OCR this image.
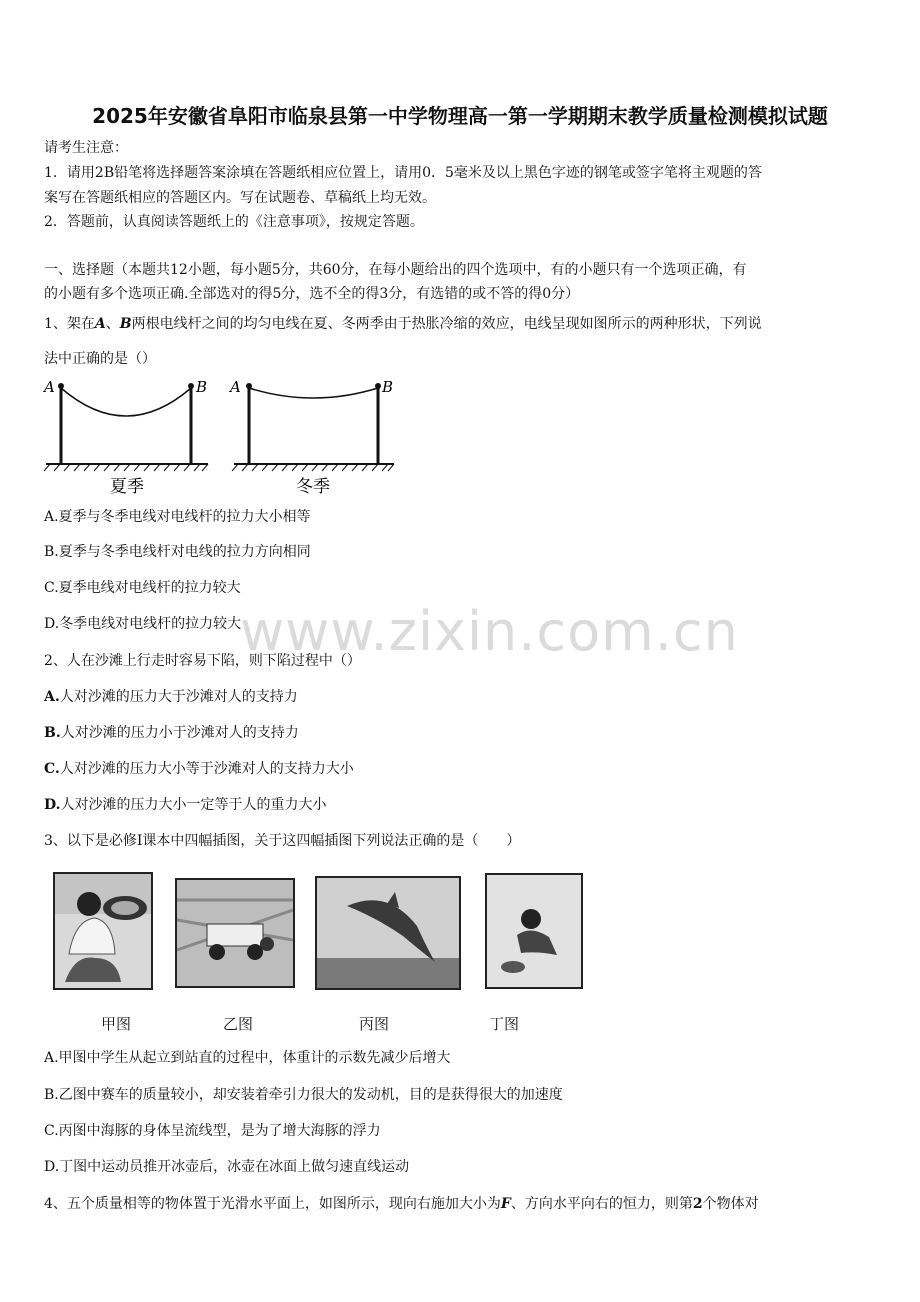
2025年安徽省阜阳市临泉县第一中学物理高一第一学期期末教学质量检测模拟试题
请考生注意：
1．请用2B铅笔将选择题答案涂填在答题纸相应位置上，请用0．5毫米及以上黑色字迹的钢笔或签字笔将主观题的答
案写在答题纸相应的答题区内。写在试题卷、草稿纸上均无效。
2．答题前，认真阅读答题纸上的《注意事项》，按规定答题。
一、选择题（本题共12小题，每小题5分，共60分，在每小题给出的四个选项中，有的小题只有一个选项正确，有
的小题有多个选项正确.全部选对的得5分，选不全的得3分，有选错的或不答的得0分）
1、架在A、B两根电线杆之间的均匀电线在夏、冬两季由于热胀冷缩的效应，电线呈现如图所示的两种形状，下列说
法中正确的是（）
A	B A	B
夏季	冬季
A.夏季与冬季电线对电线杆的拉力大小相等
B.夏季与冬季电线杆对电线的拉力方向相同
C.夏季电线对电线杆的拉力较大
D.冬季电线对电线杆的拉力较大
www.zixin.com.cn
2、人在沙滩上行走时容易下陷，则下陷过程中（）
A.人对沙滩的压力大于沙滩对人的支持力
B.人对沙滩的压力小于沙滩对人的支持力
C.人对沙滩的压力大小等于沙滩对人的支持力大小
D.人对沙滩的压力大小一定等于人的重力大小
3、以下是必修Ⅰ课本中四幅插图，关于这四幅插图下列说法正确的是（　　）
甲图	乙图	丙图	丁图
A.甲图中学生从起立到站直的过程中，体重计的示数先减少后增大
B.乙图中赛车的质量较小，却安装着牵引力很大的发动机，目的是获得很大的加速度
C.丙图中海豚的身体呈流线型，是为了增大海豚的浮力
D.丁图中运动员推开冰壶后，冰壶在冰面上做匀速直线运动
4、五个质量相等的物体置于光滑水平面上，如图所示，现向右施加大小为F、方向水平向右的恒力，则第2个物体对
